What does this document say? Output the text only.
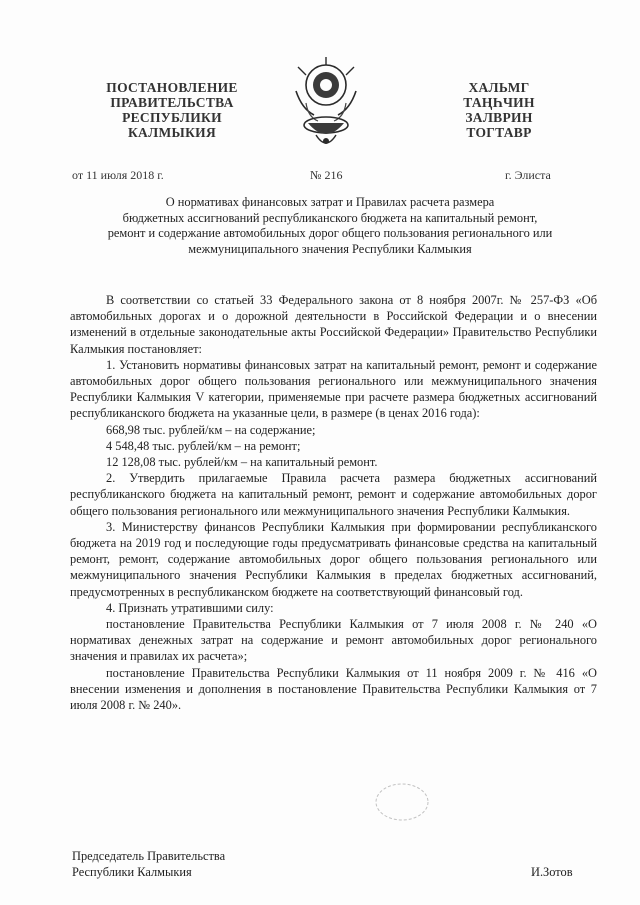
ПОСТАНОВЛЕНИЕ
ПРАВИТЕЛЬСТВА
РЕСПУБЛИКИ
КАЛМЫКИЯ
ХАЛЬМГ
ТАҢҺЧИН
ЗАЛВРИН
ТОГТАВР
от 11 июля 2018 г.	№ 216	г. Элиста
О нормативах финансовых затрат и Правилах расчета размера
бюджетных ассигнований республиканского бюджета на капитальный ремонт,
ремонт и содержание автомобильных дорог общего пользования регионального или
межмуниципального значения Республики Калмыкия

В соответствии со статьей 33 Федерального закона от 8 ноября 2007г. № 257-ФЗ «Об автомобильных дорогах и о дорожной деятельности в Российской Федерации и о внесении изменений в отдельные законодательные акты Российской Федерации» Правительство Республики Калмыкия постановляет:

1. Установить нормативы финансовых затрат на капитальный ремонт, ремонт и содержание автомобильных дорог общего пользования регионального или межмуниципального значения Республики Калмыкия V категории, применяемые при расчете размера бюджетных ассигнований республиканского бюджета на указанные цели, в размере (в ценах 2016 года):

668,98 тыс. рублей/км – на содержание;

4 548,48 тыс. рублей/км – на ремонт;

12 128,08 тыс. рублей/км – на капитальный ремонт.

2. Утвердить прилагаемые Правила расчета размера бюджетных ассигнований республиканского бюджета на капитальный ремонт, ремонт и содержание автомобильных дорог общего пользования регионального или межмуниципального значения Республики Калмыкия.

3. Министерству финансов Республики Калмыкия при формировании республиканского бюджета на 2019 год и последующие годы предусматривать финансовые средства на капитальный ремонт, ремонт, содержание автомобильных дорог общего пользования регионального или межмуниципального значения Республики Калмыкия в пределах бюджетных ассигнований, предусмотренных в республиканском бюджете на соответствующий финансовый год.

4. Признать утратившими силу:

постановление Правительства Республики Калмыкия от 7 июля 2008 г. № 240 «О нормативах денежных затрат на содержание и ремонт автомобильных дорог регионального значения и правилах их расчета»;

постановление Правительства Республики Калмыкия от 11 ноября 2009 г. № 416 «О внесении изменения и дополнения в постановление Правительства Республики Калмыкия от 7 июля 2008 г. № 240».

Председатель Правительства
Республики Калмыкия	И.Зотов
